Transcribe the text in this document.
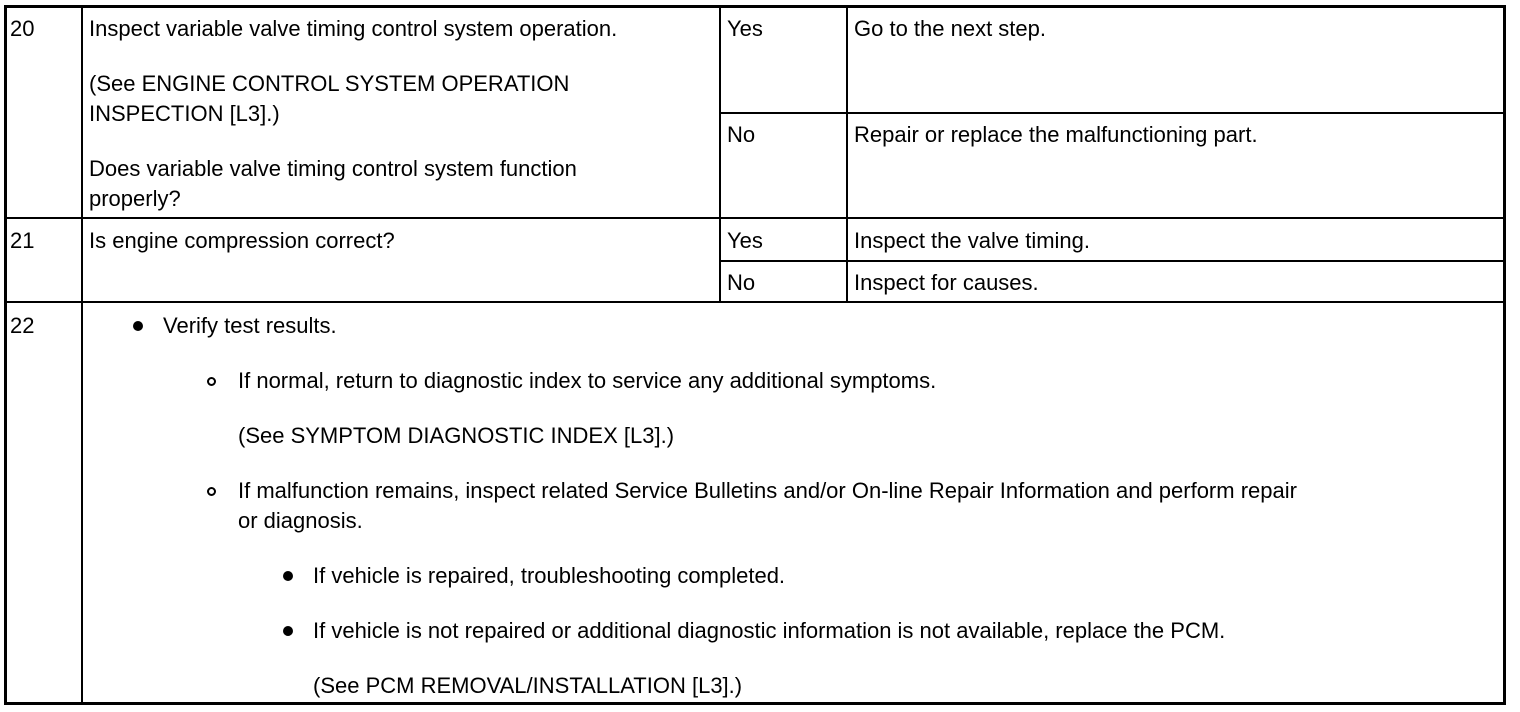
20 Inspect variable valve timing control system operation.
(See ENGINE CONTROL SYSTEM OPERATION
INSPECTION [L3].)
Does variable valve timing control system function
properly?
Yes	Go to the next step.
No	Repair or replace the malfunctioning part.
21 Is engine compression correct?	Yes	Inspect the valve timing.
No	Inspect for causes.
22	Verify test results.
If normal, return to diagnostic index to service any additional symptoms.
(See SYMPTOM DIAGNOSTIC INDEX [L3].)
If malfunction remains, inspect related Service Bulletins and/or On-line Repair Information and perform repair
or diagnosis.
If vehicle is repaired, troubleshooting completed.
If vehicle is not repaired or additional diagnostic information is not available, replace the PCM.
(See PCM REMOVAL/INSTALLATION [L3].)
